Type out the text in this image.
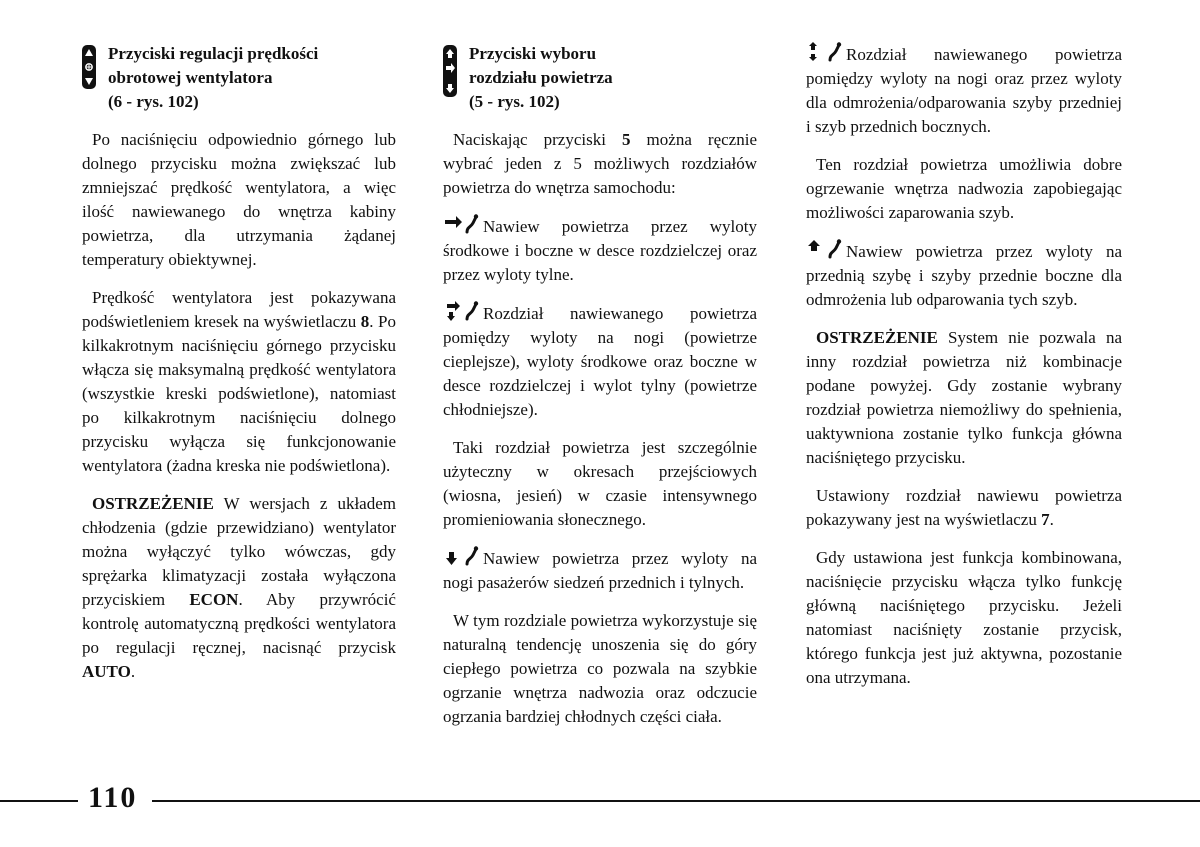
Przyciski regulacji prędkości
obrotowej wentylatora
(6 - rys. 102)

Po naciśnięciu odpowiednio górnego lub dolnego przycisku można zwiększać lub zmniejszać prędkość wentylatora, a więc ilość nawiewanego do wnętrza kabiny powietrza, dla utrzymania żądanej temperatury obiektywnej.

Prędkość wentylatora jest pokazywana podświetleniem kresek na wyświetlaczu 8. Po kilkakrotnym naciśnięciu górnego przycisku włącza się maksymalną prędkość wentylatora (wszystkie kreski podświetlone), natomiast po kilkakrotnym naciśnięciu dolnego przycisku wyłącza się funkcjonowanie wentylatora (żadna kreska nie podświetlona).

OSTRZEŻENIE W wersjach z układem chłodzenia (gdzie przewidziano) wentylator można wyłączyć tylko wówczas, gdy sprężarka klimatyzacji została wyłączona przyciskiem ECON. Aby przywrócić kontrolę automatyczną prędkości wentylatora po regulacji ręcznej, nacisnąć przycisk AUTO.

Przyciski wyboru
rozdziału powietrza
(5 - rys. 102)

Naciskając przyciski 5 można ręcznie wybrać jeden z 5 możliwych rozdziałów powietrza do wnętrza samochodu:

Nawiew powietrza przez wyloty środkowe i boczne w desce rozdzielczej oraz przez wyloty tylne.

Rozdział nawiewanego powietrza pomiędzy wyloty na nogi (powietrze cieplejsze), wyloty środkowe oraz boczne w desce rozdzielczej i wylot tylny (powietrze chłodniejsze).

Taki rozdział powietrza jest szczególnie użyteczny w okresach przejściowych (wiosna, jesień) w czasie intensywnego promieniowania słonecznego.

Nawiew powietrza przez wyloty na nogi pasażerów siedzeń przednich i tylnych.

W tym rozdziale powietrza wykorzystuje się naturalną tendencję unoszenia się do góry ciepłego powietrza co pozwala na szybkie ogrzanie wnętrza nadwozia oraz odczucie ogrzania bardziej chłodnych części ciała.

Rozdział nawiewanego powietrza pomiędzy wyloty na nogi oraz przez wyloty dla odmrożenia/odparowania szyby przedniej i szyb przednich bocznych.

Ten rozdział powietrza umożliwia dobre ogrzewanie wnętrza nadwozia zapobiegając możliwości zaparowania szyb.

Nawiew powietrza przez wyloty na przednią szybę i szyby przednie boczne dla odmrożenia lub odparowania tych szyb.

OSTRZEŻENIE System nie pozwala na inny rozdział powietrza niż kombinacje podane powyżej. Gdy zostanie wybrany rozdział powietrza niemożliwy do spełnienia, uaktywniona zostanie tylko funkcja główna naciśniętego przycisku.

Ustawiony rozdział nawiewu powietrza pokazywany jest na wyświetlaczu 7.

Gdy ustawiona jest funkcja kombinowana, naciśnięcie przycisku włącza tylko funkcję główną naciśniętego przycisku. Jeżeli natomiast naciśnięty zostanie przycisk, którego funkcja jest już aktywna, pozostanie ona utrzymana.

110
